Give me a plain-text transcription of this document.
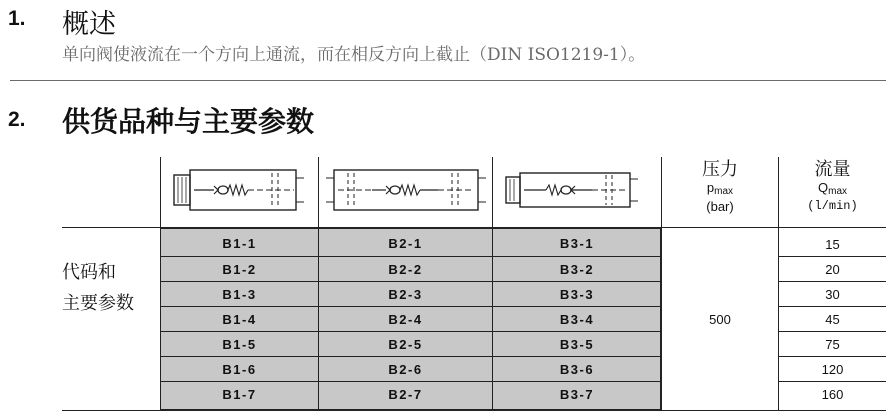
1. 概述
单向阀使液流在一个方向上通流，而在相反方向上截止（DIN ISO1219-1）。
2. 供货品种与主要参数
压力
$p_{max}$
(bar)
流量
$Q_{max}$
(l/min)
代码和
主要参数
B1-1
B1-2
B1-3
B1-4
B1-5
B1-6
B1-7
B2-1
B2-2
B2-3
B2-4
B2-5
B2-6
B2-7
B3-1
B3-2
B3-3
B3-4
B3-5
B3-6
B3-7
500
15
20
30
45
75
120
160
